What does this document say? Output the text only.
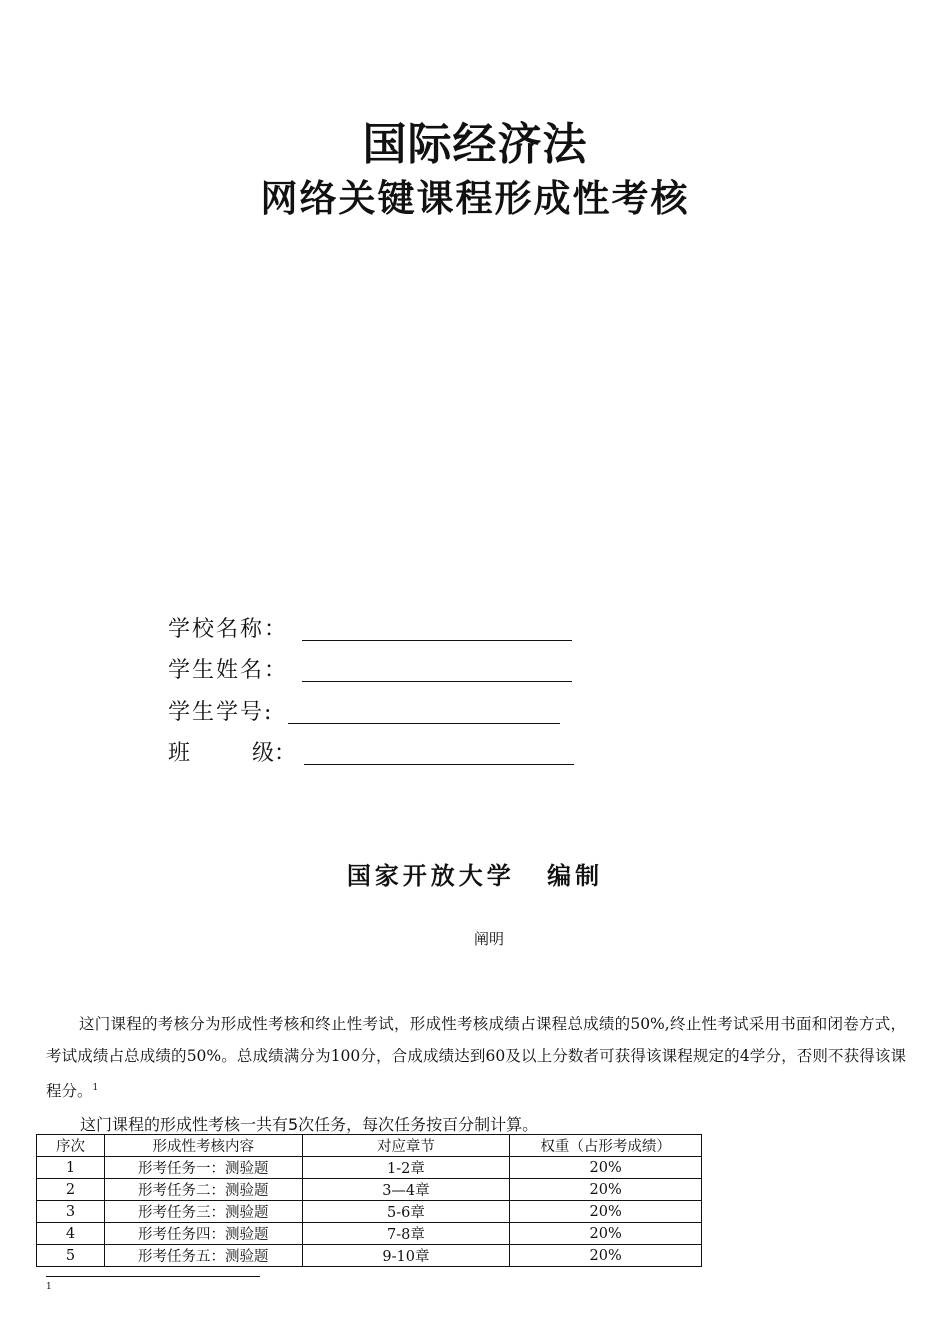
国际经济法
网络关键课程形成性考核
学校名称：
学生姓名：
学生学号:
班	级：
国家开放大学 编制
阐明
这门课程的考核分为形成性考核和终止性考试，形成性考核成绩占课程总成绩的50%,终止性考试采用书面和闭卷方式，考试成绩占总成绩的50%。总成绩满分为100分，合成成绩达到60及以上分数者可获得该课程规定的4学分，否则不获得该课程分。$^1$
这门课程的形成性考核一共有5次任务，每次任务按百分制计算。
序次	形成性考核内容	对应章节	权重（占形考成绩）
1	形考任务一：测验题	1-2章	20%
2	形考任务二：测验题	3—4章	20%
3	形考任务三：测验题	5-6章	20%
4	形考任务四：测验题	7-8章	20%
5	形考任务五：测验题	9-10章	20%
1
